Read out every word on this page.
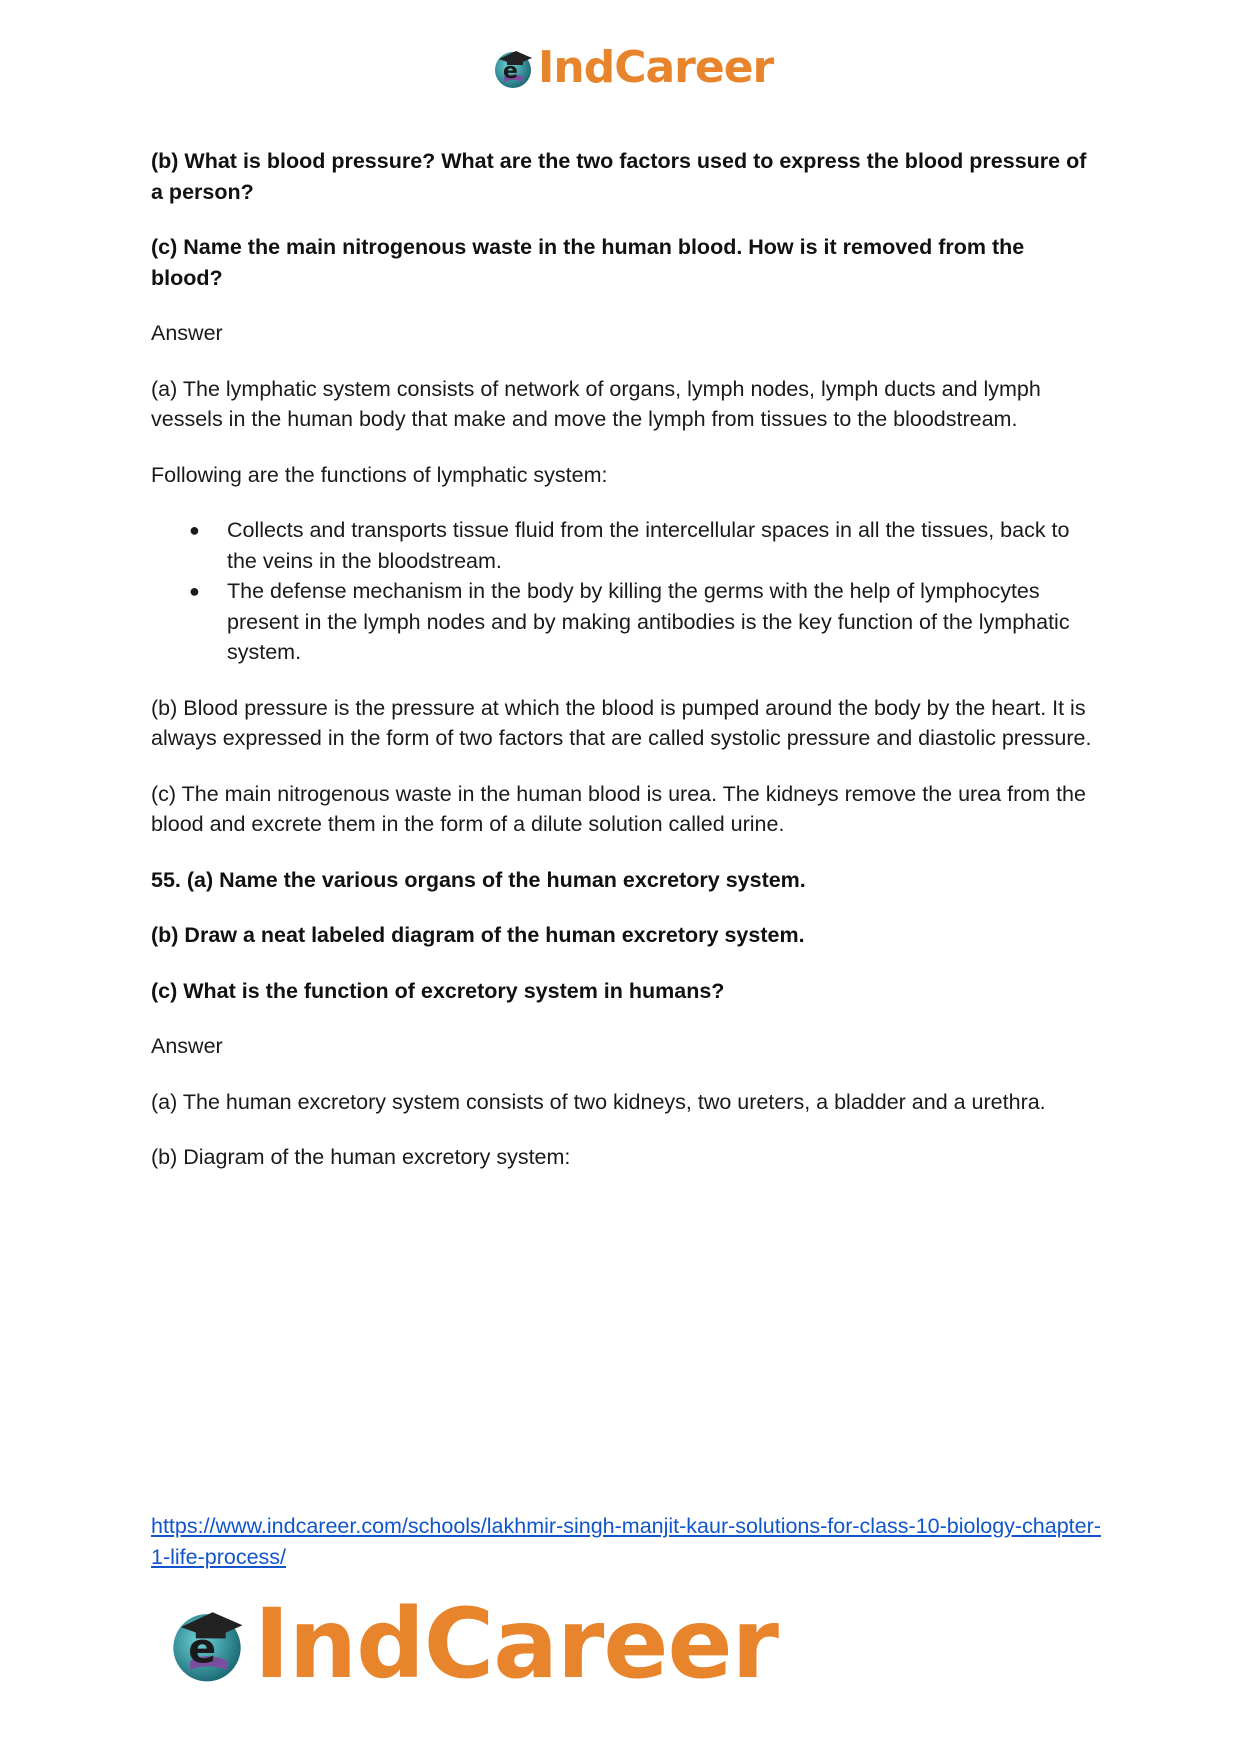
e IndCareer

(b) What is blood pressure? What are the two factors used to express the blood pressure of a person?

(c) Name the main nitrogenous waste in the human blood. How is it removed from the blood?

Answer

(a) The lymphatic system consists of network of organs, lymph nodes, lymph ducts and lymph vessels in the human body that make and move the lymph from tissues to the bloodstream.

Following are the functions of lymphatic system:

● Collects and transports tissue fluid from the intercellular spaces in all the tissues, back to the veins in the bloodstream.
● The defense mechanism in the body by killing the germs with the help of lymphocytes present in the lymph nodes and by making antibodies is the key function of the lymphatic system.

(b) Blood pressure is the pressure at which the blood is pumped around the body by the heart. It is always expressed in the form of two factors that are called systolic pressure and diastolic pressure.

(c) The main nitrogenous waste in the human blood is urea. The kidneys remove the urea from the blood and excrete them in the form of a dilute solution called urine.

55. (a) Name the various organs of the human excretory system.

(b) Draw a neat labeled diagram of the human excretory system.

(c) What is the function of excretory system in humans?

Answer

(a) The human excretory system consists of two kidneys, two ureters, a bladder and a urethra.

(b) Diagram of the human excretory system:

https://www.indcareer.com/schools/lakhmir-singh-manjit-kaur-solutions-for-class-10-biology-chapter-1-life-process/
e IndCareer
